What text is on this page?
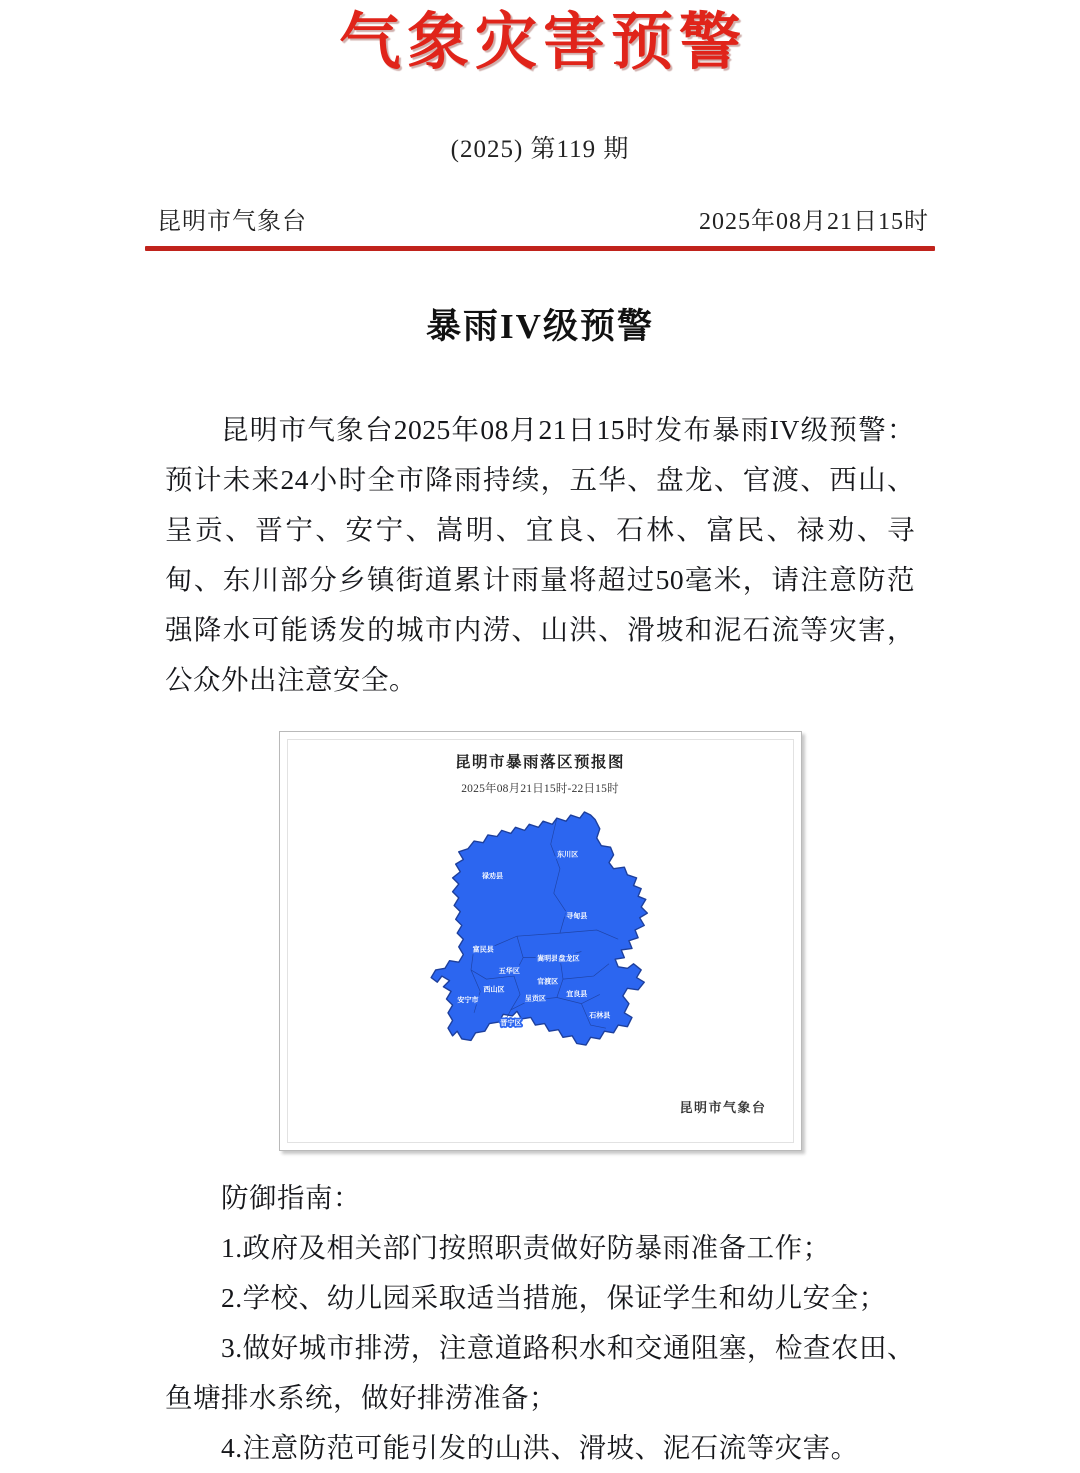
气象灾害预警
(2025) 第119 期
昆明市气象台	2025年08月21日15时
暴雨IV级预警
昆明市气象台2025年08月21日15时发布暴雨IV级预警：预计未来24小时全市降雨持续，五华、盘龙、官渡、西山、呈贡、晋宁、安宁、嵩明、宜良、石林、富民、禄劝、寻甸、东川部分乡镇街道累计雨量将超过50毫米，请注意防范强降水可能诱发的城市内涝、山洪、滑坡和泥石流等灾害，公众外出注意安全。
昆明市暴雨落区预报图
2025年08月21日15时-22日15时
东川区
禄劝县
寻甸县
富民县
嵩明县 盘龙区
五华区
西山区
官渡区
宜良县
呈贡区
安宁市
石林县
晋宁区
昆明市气象台
防御指南：
1.政府及相关部门按照职责做好防暴雨准备工作；
2.学校、幼儿园采取适当措施，保证学生和幼儿安全；
3.做好城市排涝，注意道路积水和交通阻塞，检查农田、鱼塘排水系统，做好排涝准备；
4.注意防范可能引发的山洪、滑坡、泥石流等灾害。
